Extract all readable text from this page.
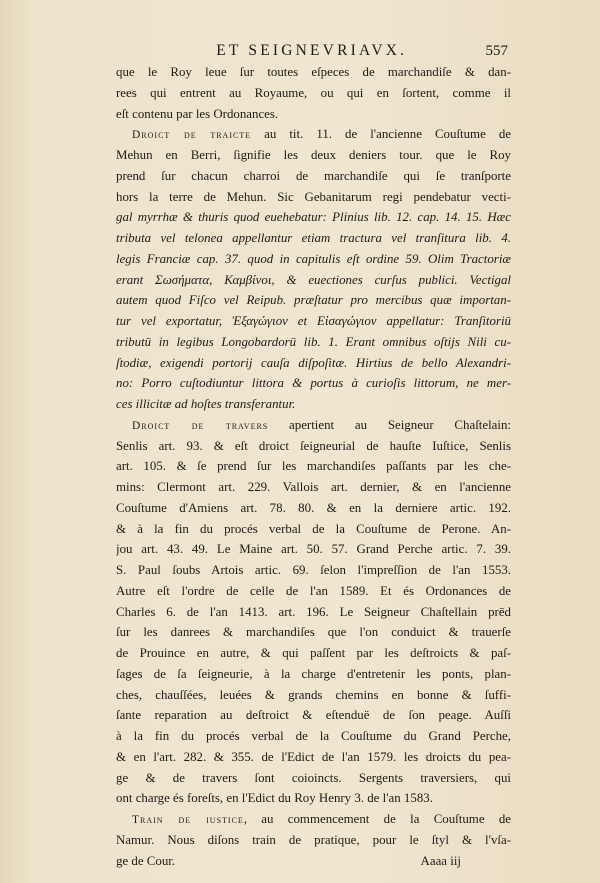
ET SEIGNEVRIAVX.	557
que le Roy leue ſur toutes eſpeces de marchandiſe & dan-
rees qui entrent au Royaume, ou qui en ſortent, comme il
eſt contenu par les Ordonances.
Droict de traicte au tit. 11. de l'ancienne Couſtume de
Mehun en Berri, ſignifie les deux deniers tour. que le Roy
prend ſur chacun charroi de marchandiſe qui ſe tranſporte
hors la terre de Mehun. Sic Gebanitarum regi pendebatur vecti-
gal myrrhæ & thuris quod euehebatur: Plinius lib. 12. cap. 14. 15. Hæc
tributa vel telonea appellantur etiam tractura vel tranſitura lib. 4.
legis Franciæ cap. 37. quod in capitulis eſt ordine 59. Olim Tractoriæ
erant Σωσήματα, Καμβίνοι, & euectiones curſus publici. Vectigal
autem quod Fiſco vel Reipub. præſtatur pro mercibus quæ importan-
tur vel exportatur, Ἐξαγώγιον et Εἰσαγώγιον appellatur: Tranſitoriū
tributū in legibus Longobardorū lib. 1. Erant omnibus oſtijs Nili cu-
ſtodiæ, exigendi portorij cauſa diſpoſitæ. Hirtius de bello Alexandri-
no: Porro cuſtodiuntur littora & portus à curioſis littorum, ne mer-
ces illicitæ ad hoſtes transferantur.
Droict de travers apertient au Seigneur Chaſtelain:
Senlis art. 93. & eſt droict ſeigneurial de hauſte Iuſtice, Senlis
art. 105. & ſe prend ſur les marchandiſes paſſants par les che-
mins: Clermont art. 229. Vallois art. dernier, & en l'ancienne
Couſtume d'Amiens art. 78. 80. & en la derniere artic. 192.
& à la fin du procés verbal de la Couſtume de Perone. An-
jou art. 43. 49. Le Maine art. 50. 57. Grand Perche artic. 7. 39.
S. Paul ſoubs Artois artic. 69. ſelon l'impreſſion de l'an 1553.
Autre eſt l'ordre de celle de l'an 1589. Et és Ordonances de
Charles 6. de l'an 1413. art. 196. Le Seigneur Chaſtellain prēd
ſur les danrees & marchandiſes que l'on conduict & trauerſe
de Prouince en autre, & qui paſſent par les deſtroicts & paſ-
ſages de ſa ſeigneurie, à la charge d'entretenir les ponts, plan-
ches, chauſſées, leuées & grands chemins en bonne & ſuffi-
ſante reparation au deſtroict & eſtenduë de ſon peage. Auſſi
à la fin du procés verbal de la Couſtume du Grand Perche,
& en l'art. 282. & 355. de l'Edict de l'an 1579. les droicts du pea-
ge & de travers ſont coioincts. Sergents traversiers, qui
ont charge és foreſts, en l'Edict du Roy Henry 3. de l'an 1583.
Train de iustice, au commencement de la Couſtume de
Namur. Nous diſons train de pratique, pour le ſtyl & l'vſa-
ge de Cour.	Aaaa iij
